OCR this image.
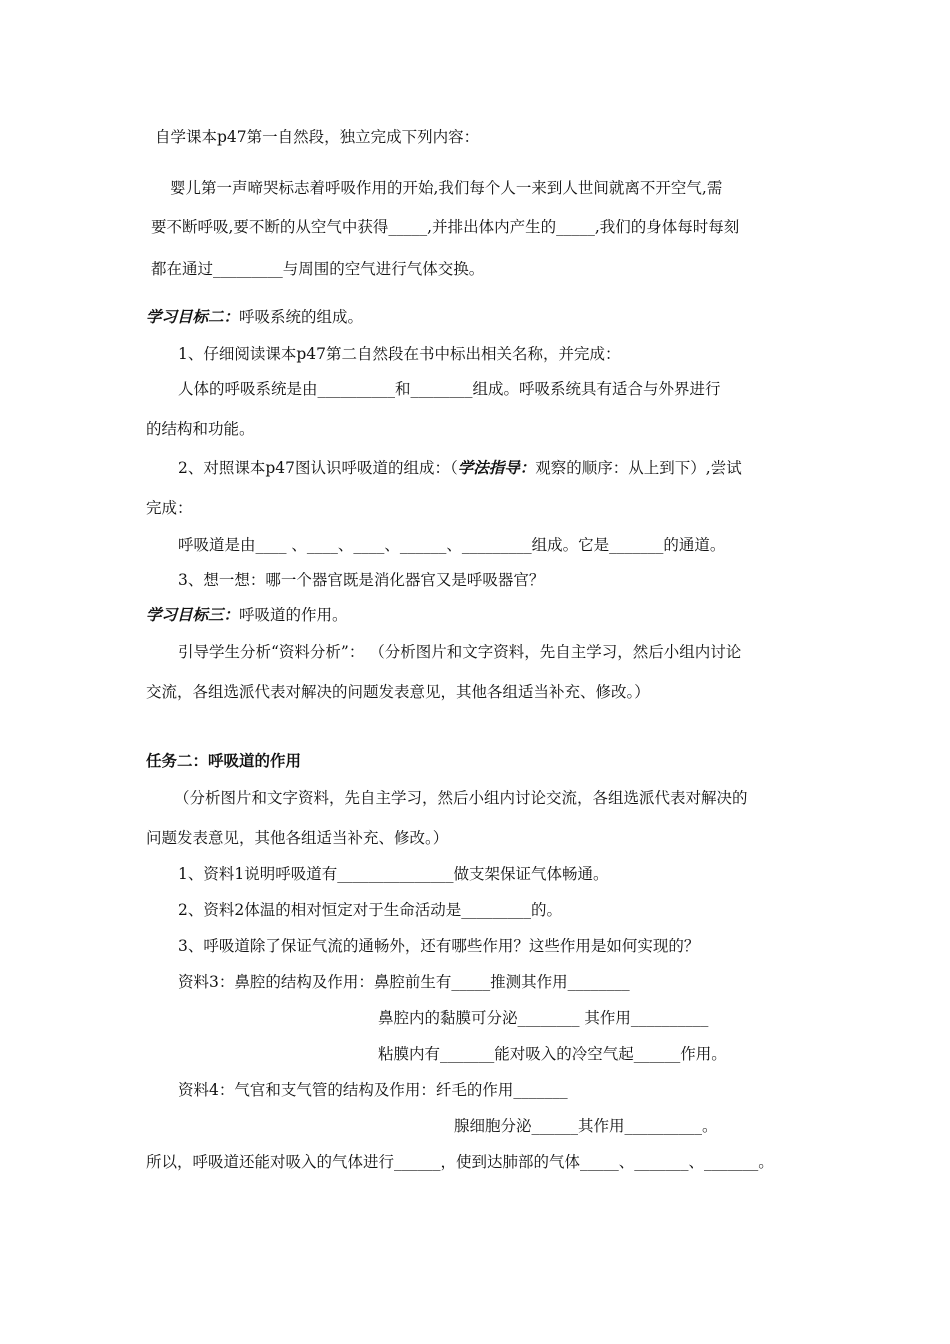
自学课本p47第一自然段，独立完成下列内容：
婴儿第一声啼哭标志着呼吸作用的开始,我们每个人一来到人世间就离不开空气,需
要不断呼吸,要不断的从空气中获得_____,并排出体内产生的_____,我们的身体每时每刻
都在通过_________与周围的空气进行气体交换。
学习目标二：呼吸系统的组成。
1、仔细阅读课本p47第二自然段在书中标出相关名称，并完成：
人体的呼吸系统是由__________和________组成。呼吸系统具有适合与外界进行
的结构和功能。
2、对照课本p47图认识呼吸道的组成：（学法指导：观察的顺序：从上到下）,尝试
完成：
呼吸道是由____ 、____、____、______、_________组成。它是_______的通道。
3、想一想：哪一个器官既是消化器官又是呼吸器官？
学习目标三：呼吸道的作用。
引导学生分析“资料分析”： （分析图片和文字资料，先自主学习，然后小组内讨论
交流，各组选派代表对解决的问题发表意见，其他各组适当补充、修改。）
任务二：呼吸道的作用
（分析图片和文字资料，先自主学习，然后小组内讨论交流，各组选派代表对解决的
问题发表意见，其他各组适当补充、修改。）
1、资料1说明呼吸道有_______________做支架保证气体畅通。
2、资料2体温的相对恒定对于生命活动是_________的。
3、呼吸道除了保证气流的通畅外，还有哪些作用？这些作用是如何实现的？
资料3：鼻腔的结构及作用：鼻腔前生有_____推测其作用________
鼻腔内的黏膜可分泌________ 其作用__________
粘膜内有_______能对吸入的冷空气起______作用。
资料4：气官和支气管的结构及作用：纤毛的作用_______
腺细胞分泌______其作用__________。
所以，呼吸道还能对吸入的气体进行______，使到达肺部的气体_____、_______、_______。
